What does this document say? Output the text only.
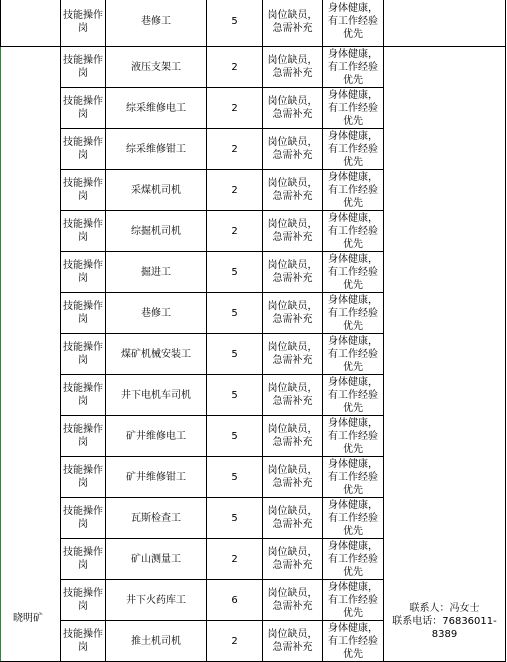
	技能操作岗	巷修工	5	岗位缺员，急需补充	身体健康，有工作经验优先	
晓明矿	技能操作岗	液压支架工	2	岗位缺员，急需补充	身体健康，有工作经验优先	联系人：冯女士
联系电话：76836011-
8389

	技能操作岗	综采维修电工	2	岗位缺员，急需补充	身体健康，有工作经验优先	
	技能操作岗	综采维修钳工	2	岗位缺员，急需补充	身体健康，有工作经验优先	
	技能操作岗	采煤机司机	2	岗位缺员，急需补充	身体健康，有工作经验优先	
	技能操作岗	综掘机司机	2	岗位缺员，急需补充	身体健康，有工作经验优先	
	技能操作岗	掘进工	5	岗位缺员，急需补充	身体健康，有工作经验优先	
	技能操作岗	巷修工	5	岗位缺员，急需补充	身体健康，有工作经验优先	
	技能操作岗	煤矿机械安装工	5	岗位缺员，急需补充	身体健康，有工作经验优先	
	技能操作岗	井下电机车司机	5	岗位缺员，急需补充	身体健康，有工作经验优先	
	技能操作岗	矿井维修电工	5	岗位缺员，急需补充	身体健康，有工作经验优先	
	技能操作岗	矿井维修钳工	5	岗位缺员，急需补充	身体健康，有工作经验优先	
	技能操作岗	瓦斯检查工	5	岗位缺员，急需补充	身体健康，有工作经验优先	
	技能操作岗	矿山测量工	2	岗位缺员，急需补充	身体健康，有工作经验优先	
	技能操作岗	井下火药库工	6	岗位缺员，急需补充	身体健康，有工作经验优先	
	技能操作岗	推土机司机	2	岗位缺员，急需补充	身体健康，有工作经验优先	
